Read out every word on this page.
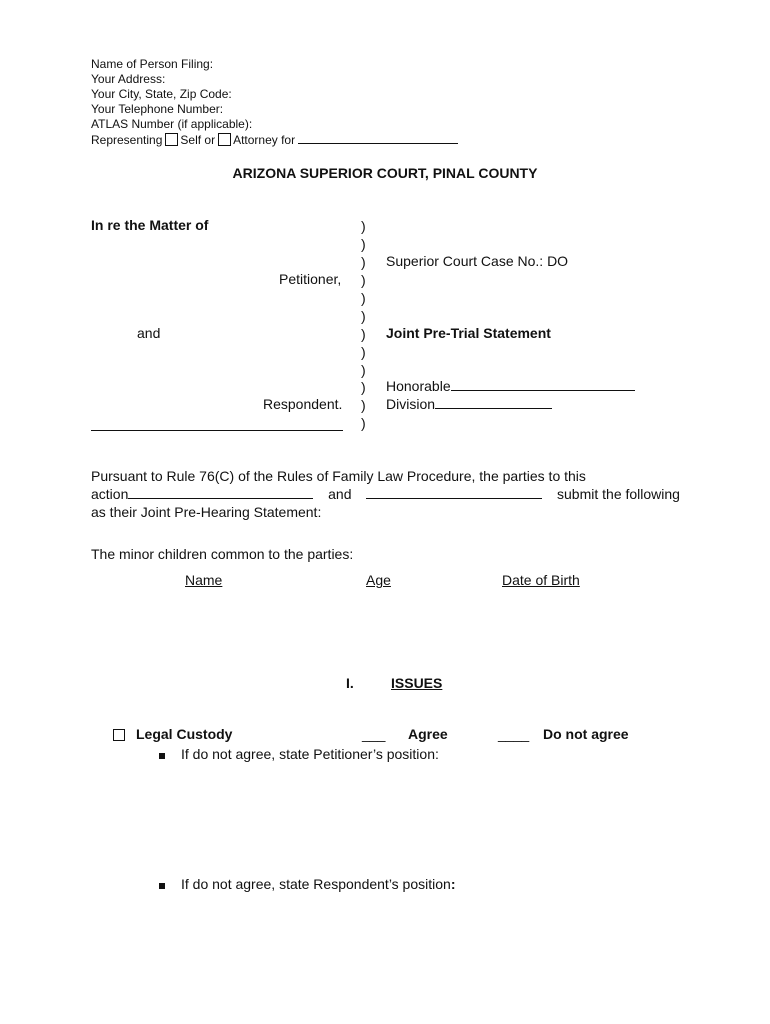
Name of Person Filing:
Your Address:
Your City, State, Zip Code:
Your Telephone Number:
ATLAS Number (if applicable):
Representing Self or Attorney for
ARIZONA SUPERIOR COURT, PINAL COUNTY
In re the Matter of
Petitioner,
and
Respondent.
)
)
)
)
)
)
)
)
)
)
)
)
Superior Court Case No.: DO
Joint Pre-Trial Statement
Honorable
Division
Pursuant to Rule 76(C) of the Rules of Family Law Procedure, the parties to this
action	and	submit the following
as their Joint Pre-Hearing Statement:
The minor children common to the parties:
Name	Age	Date of Birth
I.	ISSUES
Legal Custody	___ Agree	____ Do not agree
If do not agree, state Petitioner’s position:
If do not agree, state Respondent’s position:
